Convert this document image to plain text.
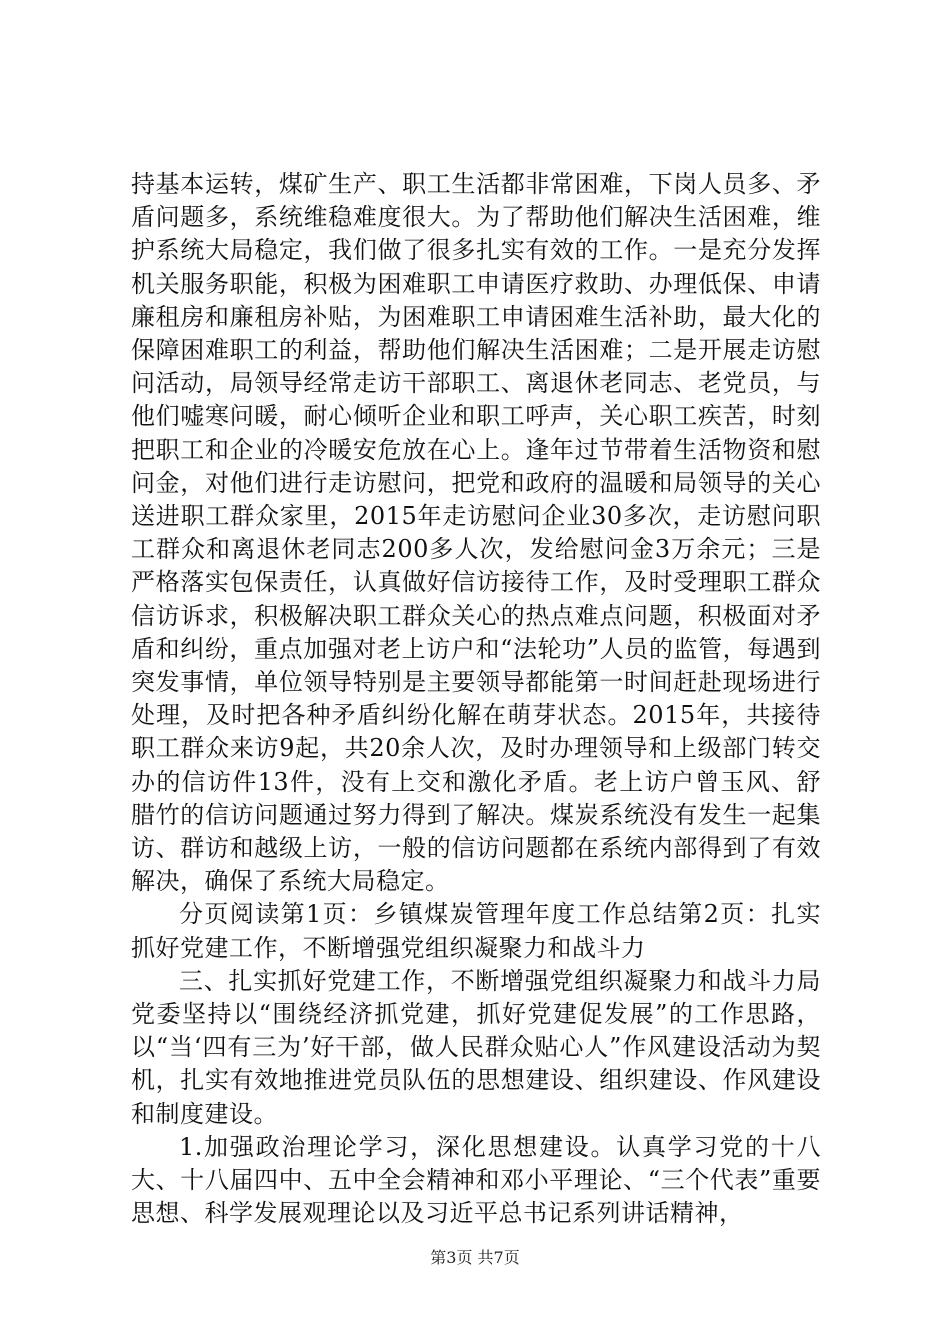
持基本运转，煤矿生产、职工生活都非常困难，下岗人员多、矛盾问题多，系统维稳难度很大。为了帮助他们解决生活困难，维护系统大局稳定，我们做了很多扎实有效的工作。一是充分发挥机关服务职能，积极为困难职工申请医疗救助、办理低保、申请廉租房和廉租房补贴，为困难职工申请困难生活补助，最大化的保障困难职工的利益，帮助他们解决生活困难；二是开展走访慰问活动，局领导经常走访干部职工、离退休老同志、老党员，与他们嘘寒问暖，耐心倾听企业和职工呼声，关心职工疾苦，时刻把职工和企业的冷暖安危放在心上。逢年过节带着生活物资和慰问金，对他们进行走访慰问，把党和政府的温暖和局领导的关心送进职工群众家里，2015年走访慰问企业30多次，走访慰问职工群众和离退休老同志200多人次，发给慰问金3万余元；三是严格落实包保责任，认真做好信访接待工作，及时受理职工群众信访诉求，积极解决职工群众关心的热点难点问题，积极面对矛盾和纠纷，重点加强对老上访户和“法轮功”人员的监管，每遇到突发事情，单位领导特别是主要领导都能第一时间赶赴现场进行处理，及时把各种矛盾纠纷化解在萌芽状态。2015年，共接待职工群众来访9起，共20余人次，及时办理领导和上级部门转交办的信访件13件，没有上交和激化矛盾。老上访户曾玉风、舒腊竹的信访问题通过努力得到了解决。煤炭系统没有发生一起集访、群访和越级上访，一般的信访问题都在系统内部得到了有效解决，确保了系统大局稳定。

分页阅读第1页：乡镇煤炭管理年度工作总结第2页：扎实抓好党建工作，不断增强党组织凝聚力和战斗力

三、扎实抓好党建工作，不断增强党组织凝聚力和战斗力局党委坚持以“围绕经济抓党建，抓好党建促发展”的工作思路，以“当‘四有三为’好干部，做人民群众贴心人”作风建设活动为契机，扎实有效地推进党员队伍的思想建设、组织建设、作风建设和制度建设。

1.加强政治理论学习，深化思想建设。认真学习党的十八大、十八届四中、五中全会精神和邓小平理论、“三个代表”重要思想、科学发展观理论以及习近平总书记系列讲话精神，

第3页 共7页
